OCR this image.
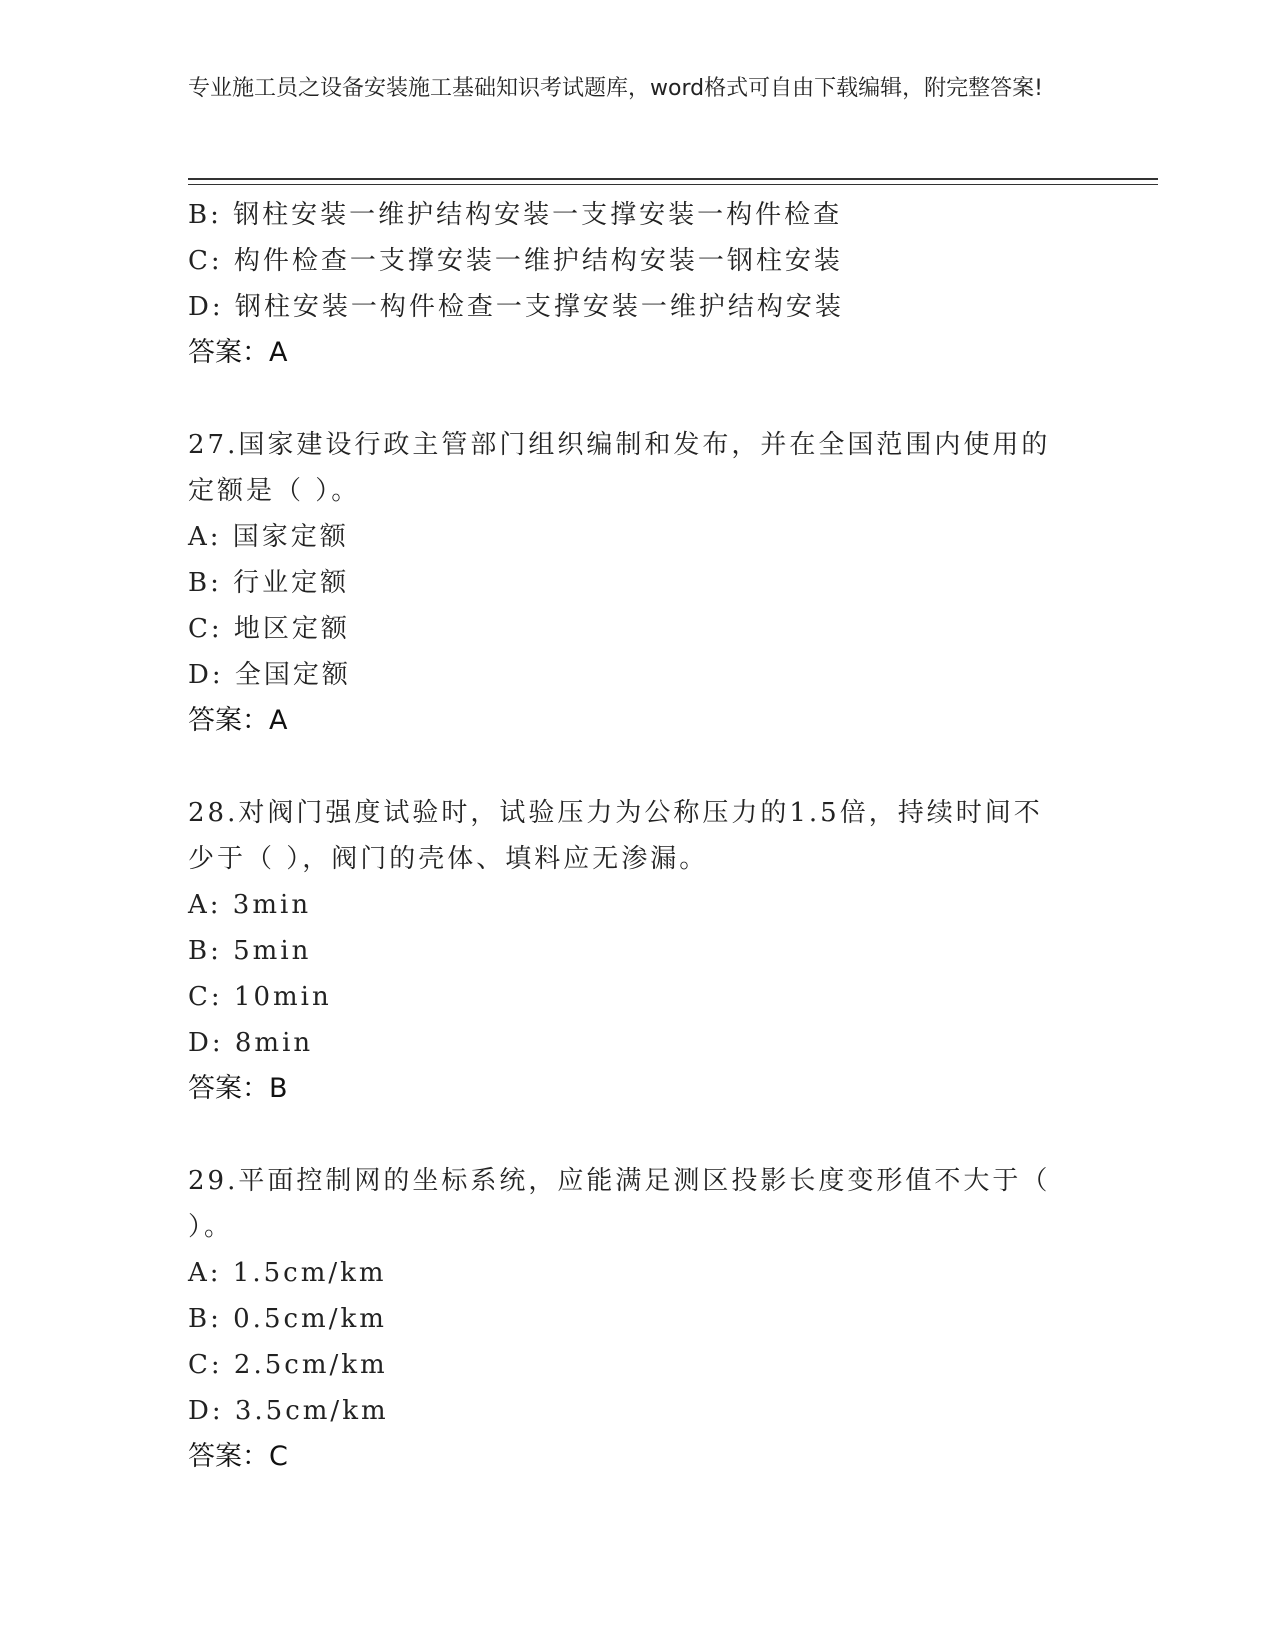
专业施工员之设备安装施工基础知识考试题库，word格式可自由下载编辑，附完整答案!
B: 钢柱安装一维护结构安装一支撑安装一构件检查
C: 构件检查一支撑安装一维护结构安装一钢柱安装
D: 钢柱安装一构件检查一支撑安装一维护结构安装
答案：A
27.国家建设行政主管部门组织编制和发布，并在全国范围内使用的定额是（ ）。
A: 国家定额
B: 行业定额
C: 地区定额
D: 全国定额
答案：A
28.对阀门强度试验时，试验压力为公称压力的1.5倍，持续时间不少于（ ），阀门的壳体、填料应无渗漏。
A: 3min
B: 5min
C: 10min
D: 8min
答案：B
29.平面控制网的坐标系统，应能满足测区投影长度变形值不大于（ ）。
A: 1.5cm/km
B: 0.5cm/km
C: 2.5cm/km
D: 3.5cm/km
答案：C
